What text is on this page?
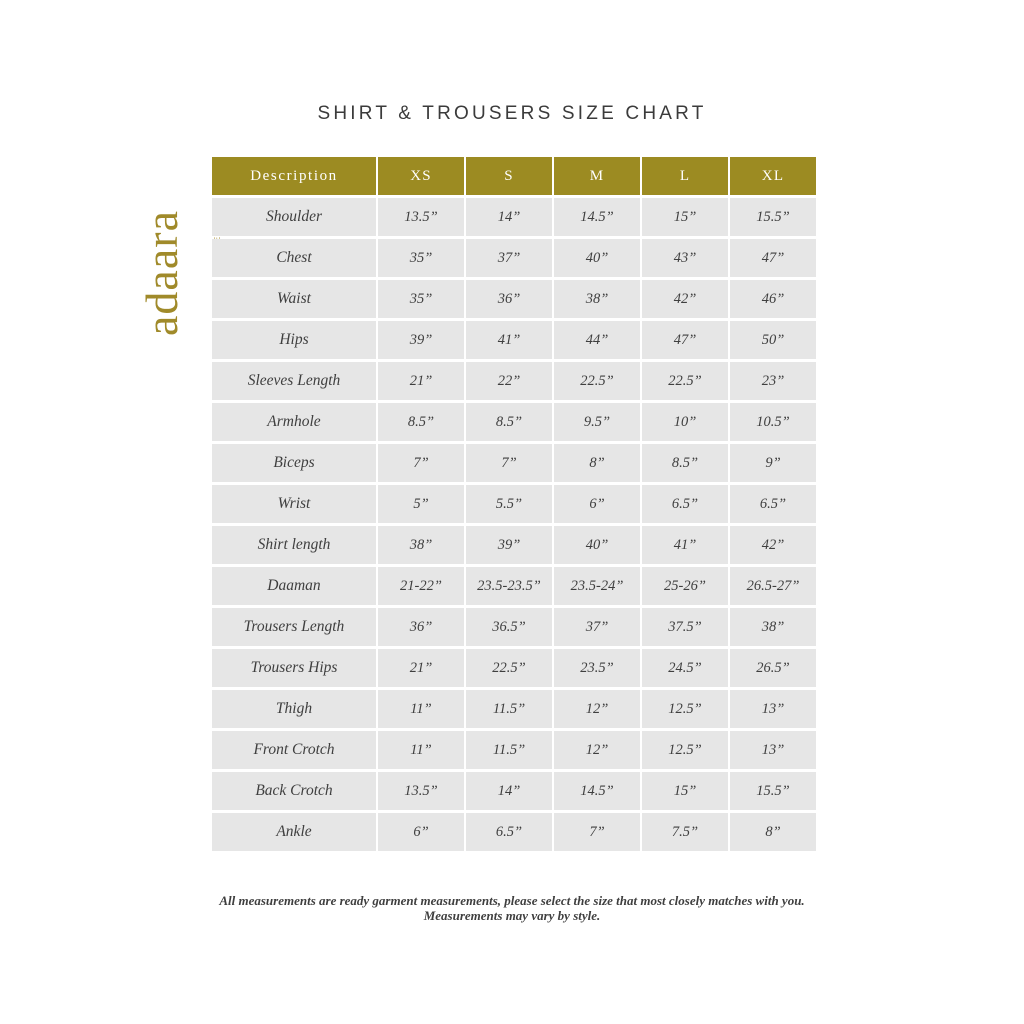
SHIRT & TROUSERS SIZE CHART
adaara
Description	XS	S	M	L	XL
Shoulder	13.5”	14”	14.5”	15”	15.5”
Chest	35”	37”	40”	43”	47”
Waist	35”	36”	38”	42”	46”
Hips	39”	41”	44”	47”	50”
Sleeves Length	21”	22”	22.5”	22.5”	23”
Armhole	8.5”	8.5”	9.5”	10”	10.5”
Biceps	7”	7”	8”	8.5”	9”
Wrist	5”	5.5”	6”	6.5”	6.5”
Shirt length	38”	39”	40”	41”	42”
Daaman	21-22”	23.5-23.5”	23.5-24”	25-26”	26.5-27”
Trousers Length	36”	36.5”	37”	37.5”	38”
Trousers Hips	21”	22.5”	23.5”	24.5”	26.5”
Thigh	11”	11.5”	12”	12.5”	13”
Front Crotch	11”	11.5”	12”	12.5”	13”
Back Crotch	13.5”	14”	14.5”	15”	15.5”
Ankle	6”	6.5”	7”	7.5”	8”
All measurements are ready garment measurements, please select the size that most closely matches with you. Measurements may vary by style.
